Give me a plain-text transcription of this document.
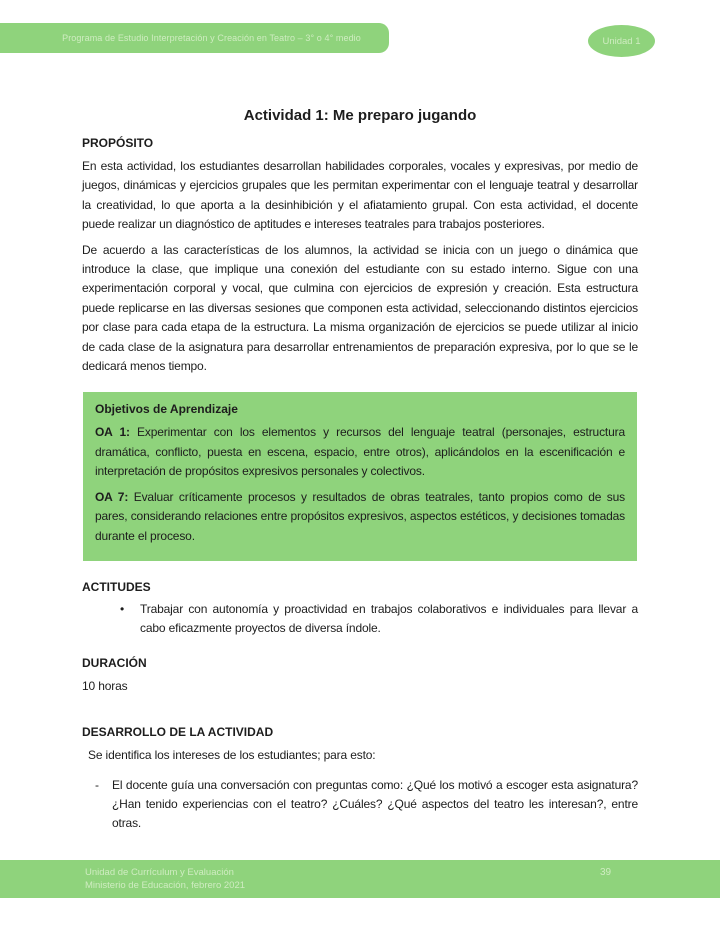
Programa de Estudio Interpretación y Creación en Teatro – 3° o 4° medio	Unidad 1
Actividad 1: Me preparo jugando
PROPÓSITO

En esta actividad, los estudiantes desarrollan habilidades corporales, vocales y expresivas, por medio de juegos, dinámicas y ejercicios grupales que les permitan experimentar con el lenguaje teatral y desarrollar la creatividad, lo que aporta a la desinhibición y el afiatamiento grupal. Con esta actividad, el docente puede realizar un diagnóstico de aptitudes e intereses teatrales para trabajos posteriores.

De acuerdo a las características de los alumnos, la actividad se inicia con un juego o dinámica que introduce la clase, que implique una conexión del estudiante con su estado interno. Sigue con una experimentación corporal y vocal, que culmina con ejercicios de expresión y creación. Esta estructura puede replicarse en las diversas sesiones que componen esta actividad, seleccionando distintos ejercicios por clase para cada etapa de la estructura. La misma organización de ejercicios se puede utilizar al inicio de cada clase de la asignatura para desarrollar entrenamientos de preparación expresiva, por lo que se le dedicará menos tiempo.

Objetivos de Aprendizaje

OA 1: Experimentar con los elementos y recursos del lenguaje teatral (personajes, estructura dramática, conflicto, puesta en escena, espacio, entre otros), aplicándolos en la escenificación e interpretación de propósitos expresivos personales y colectivos.

OA 7: Evaluar críticamente procesos y resultados de obras teatrales, tanto propios como de sus pares, considerando relaciones entre propósitos expresivos, aspectos estéticos, y decisiones tomadas durante el proceso.

ACTITUDES
•	Trabajar con autonomía y proactividad en trabajos colaborativos e individuales para llevar a cabo eficazmente proyectos de diversa índole.
DURACIÓN

10 horas

DESARROLLO DE LA ACTIVIDAD

Se identifica los intereses de los estudiantes; para esto:

-	El docente guía una conversación con preguntas como: ¿Qué los motivó a escoger esta asignatura? ¿Han tenido experiencias con el teatro? ¿Cuáles? ¿Qué aspectos del teatro les interesan?, entre otras.
Unidad de Currículum y Evaluación
Ministerio de Educación, febrero 2021
39
